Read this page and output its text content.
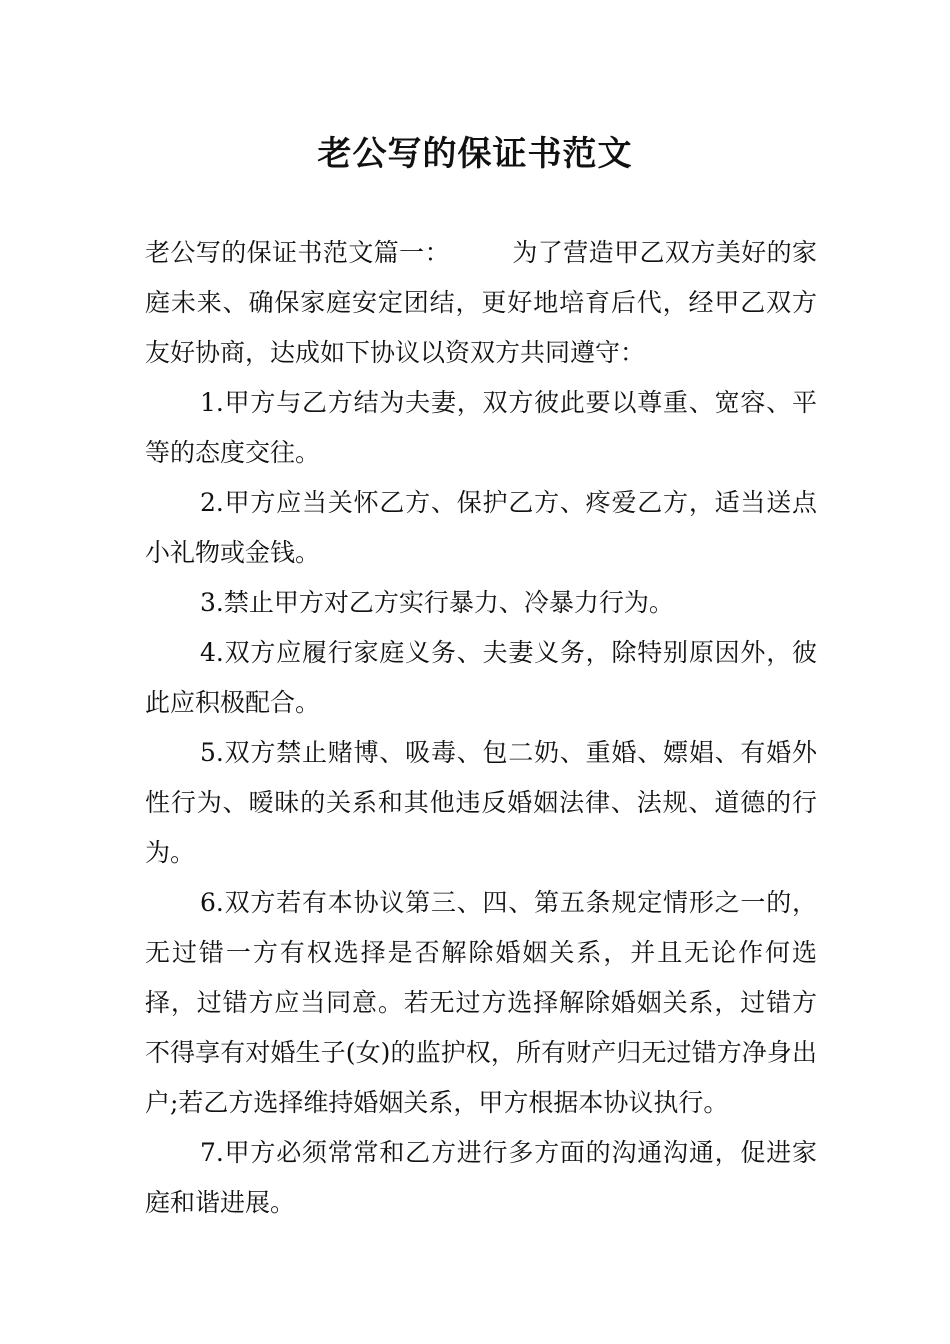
老公写的保证书范文

老公写的保证书范文篇一： 为了营造甲乙双方美好的家庭未来、确保家庭安定团结，更好地培育后代，经甲乙双方友好协商，达成如下协议以资双方共同遵守：

1.甲方与乙方结为夫妻，双方彼此要以尊重、宽容、平等的态度交往。

2.甲方应当关怀乙方、保护乙方、疼爱乙方，适当送点小礼物或金钱。

3.禁止甲方对乙方实行暴力、冷暴力行为。

4.双方应履行家庭义务、夫妻义务，除特别原因外，彼此应积极配合。

5.双方禁止赌博、吸毒、包二奶、重婚、嫖娼、有婚外性行为、暧昧的关系和其他违反婚姻法律、法规、道德的行为。

6.双方若有本协议第三、四、第五条规定情形之一的，无过错一方有权选择是否解除婚姻关系，并且无论作何选择，过错方应当同意。若无过方选择解除婚姻关系，过错方不得享有对婚生子(女)的监护权，所有财产归无过错方净身出户;若乙方选择维持婚姻关系，甲方根据本协议执行。

7.甲方必须常常和乙方进行多方面的沟通沟通，促进家庭和谐进展。
